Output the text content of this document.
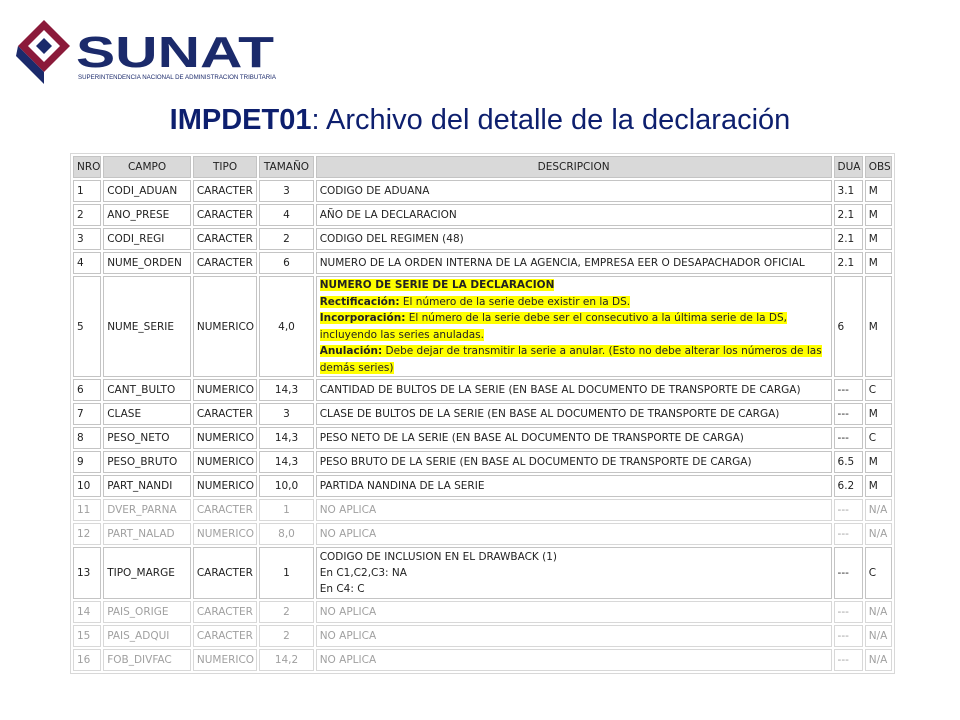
SUNAT
SUPERINTENDENCIA NACIONAL DE ADMINISTRACION TRIBUTARIA
IMPDET01: Archivo del detalle de la declaración
NRO	CAMPO	TIPO	TAMAÑO	DESCRIPCION	DUA	OBS
1	CODI_ADUAN	CARACTER	3	CODIGO DE ADUANA	3.1	M
2	ANO_PRESE	CARACTER	4	AÑO DE LA DECLARACION	2.1	M
3	CODI_REGI	CARACTER	2	CODIGO DEL REGIMEN (48)	2.1	M
4	NUME_ORDEN	CARACTER	6	NUMERO DE LA ORDEN INTERNA DE LA AGENCIA, EMPRESA EER O DESAPACHADOR OFICIAL	2.1	M
5	NUME_SERIE	NUMERICO	4,0	NUMERO DE SERIE DE LA DECLARACION
Rectificación: El número de la serie debe existir en la DS.
Incorporación: El número de la serie debe ser el consecutivo a la última serie de la DS, incluyendo las series anuladas.
Anulación: Debe dejar de transmitir la serie a anular. (Esto no debe alterar los números de las demás series)	6	M
6	CANT_BULTO	NUMERICO	14,3	CANTIDAD DE BULTOS DE LA SERIE (EN BASE AL DOCUMENTO DE TRANSPORTE DE CARGA)	---	C
7	CLASE	CARACTER	3	CLASE DE BULTOS DE LA SERIE (EN BASE AL DOCUMENTO DE TRANSPORTE DE CARGA)	---	M
8	PESO_NETO	NUMERICO	14,3	PESO NETO DE LA SERIE (EN BASE AL DOCUMENTO DE TRANSPORTE DE CARGA)	---	C
9	PESO_BRUTO	NUMERICO	14,3	PESO BRUTO DE LA SERIE (EN BASE AL DOCUMENTO DE TRANSPORTE DE CARGA)	6.5	M
10	PART_NANDI	NUMERICO	10,0	PARTIDA NANDINA DE LA SERIE	6.2	M
11	DVER_PARNA	CARACTER	1	NO APLICA	---	N/A
12	PART_NALAD	NUMERICO	8,0	NO APLICA	---	N/A
13	TIPO_MARGE	CARACTER	1	CODIGO DE INCLUSION EN EL DRAWBACK (1)
En C1,C2,C3: NA
En C4: C	---	C
14	PAIS_ORIGE	CARACTER	2	NO APLICA	---	N/A
15	PAIS_ADQUI	CARACTER	2	NO APLICA	---	N/A
16	FOB_DIVFAC	NUMERICO	14,2	NO APLICA	---	N/A
